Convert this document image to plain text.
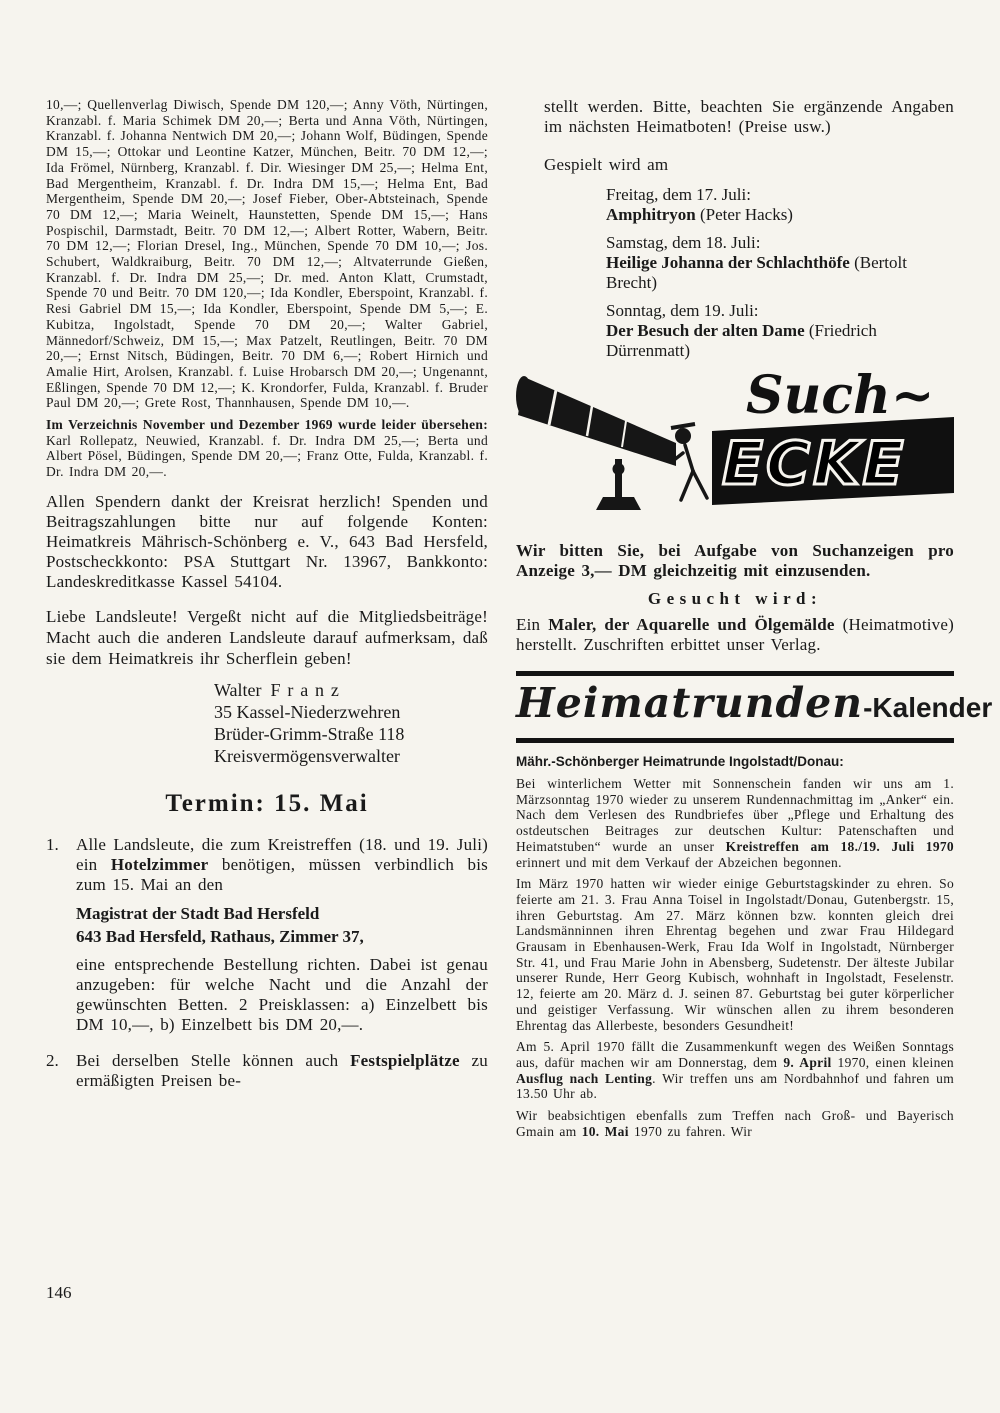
10,—; Quellenverlag Diwisch, Spende DM 120,—; Anny Vöth, Nürtingen, Kranzabl. f. Maria Schimek DM 20,—; Berta und Anna Vöth, Nürtingen, Kranzabl. f. Johanna Nentwich DM 20,—; Johann Wolf, Büdingen, Spende DM 15,—; Ottokar und Leontine Katzer, München, Beitr. 70 DM 12,—; Ida Frömel, Nürnberg, Kranzabl. f. Dir. Wiesinger DM 25,—; Helma Ent, Bad Mergentheim, Kranzabl. f. Dr. Indra DM 15,—; Helma Ent, Bad Mergentheim, Spende DM 20,—; Josef Fieber, Ober-Abtsteinach, Spende 70 DM 12,—; Maria Weinelt, Haunstetten, Spende DM 15,—; Hans Pospischil, Darmstadt, Beitr. 70 DM 12,—; Albert Rotter, Wabern, Beitr. 70 DM 12,—; Florian Dresel, Ing., München, Spende 70 DM 10,—; Jos. Schubert, Waldkraiburg, Beitr. 70 DM 12,—; Altvaterrunde Gießen, Kranzabl. f. Dr. Indra DM 25,—; Dr. med. Anton Klatt, Crumstadt, Spende 70 und Beitr. 70 DM 120,—; Ida Kondler, Eberspoint, Kranzabl. f. Resi Gabriel DM 15,—; Ida Kondler, Eberspoint, Spende DM 5,—; E. Kubitza, Ingolstadt, Spende 70 DM 20,—; Walter Gabriel, Männedorf/Schweiz, DM 15,—; Max Patzelt, Reutlingen, Beitr. 70 DM 20,—; Ernst Nitsch, Büdingen, Beitr. 70 DM 6,—; Robert Hirnich und Amalie Hirt, Arolsen, Kranzabl. f. Luise Hrobarsch DM 20,—; Ungenannt, Eßlingen, Spende 70 DM 12,—; K. Krondorfer, Fulda, Kranzabl. f. Bruder Paul DM 20,—; Grete Rost, Thannhausen, Spende DM 10,—.

Im Verzeichnis November und Dezember 1969 wurde leider übersehen: Karl Rollepatz, Neuwied, Kranzabl. f. Dr. Indra DM 25,—; Berta und Albert Pösel, Büdingen, Spende DM 20,—; Franz Otte, Fulda, Kranzabl. f. Dr. Indra DM 20,—.

Allen Spendern dankt der Kreisrat herzlich! Spenden und Beitragszahlungen bitte nur auf folgende Konten: Heimatkreis Mährisch-Schönberg e. V., 643 Bad Hersfeld, Postscheckkonto: PSA Stuttgart Nr. 13967, Bankkonto: Landeskreditkasse Kassel 54104.

Liebe Landsleute! Vergeßt nicht auf die Mitgliedsbeiträge! Macht auch die anderen Landsleute darauf aufmerksam, daß sie dem Heimatkreis ihr Scherflein geben!

Walter Franz
35 Kassel-Niederzwehren
Brüder-Grimm-Straße 118
Kreisvermögensverwalter
Termin: 15. Mai
1.	Alle Landsleute, die zum Kreistreffen (18. und 19. Juli) ein Hotelzimmer benötigen, müssen verbindlich bis zum 15. Mai an den

Magistrat der Stadt Bad Hersfeld

643 Bad Hersfeld, Rathaus, Zimmer 37,

eine entsprechende Bestellung richten. Dabei ist genau anzugeben: für welche Nacht und die Anzahl der gewünschten Betten. 2 Preisklassen: a) Einzelbett bis DM 10,—, b) Einzelbett bis DM 20,—.

2.	Bei derselben Stelle können auch Festspielplätze zu ermäßigten Preisen be-

stellt werden. Bitte, beachten Sie ergänzende Angaben im nächsten Heimatboten! (Preise usw.)

Gespielt wird am

Freitag, dem 17. Juli:
Amphitryon (Peter Hacks)
Samstag, dem 18. Juli:
Heilige Johanna der Schlachthöfe (Bertolt Brecht)
Sonntag, dem 19. Juli:
Der Besuch der alten Dame (Friedrich Dürrenmatt)
Such~
ECKE

Wir bitten Sie, bei Aufgabe von Suchanzeigen pro Anzeige 3,— DM gleichzeitig mit einzusenden.

Gesucht wird:

Ein Maler, der Aquarelle und Ölgemälde (Heimatmotive) herstellt. Zuschriften erbittet unser Verlag.

Heimatrunden-Kalender

Mähr.-Schönberger Heimatrunde Ingolstadt/Donau:

Bei winterlichem Wetter mit Sonnenschein fanden wir uns am 1. Märzsonntag 1970 wieder zu unserem Rundennachmittag im „Anker“ ein. Nach dem Verlesen des Rundbriefes über „Pflege und Erhaltung des ostdeutschen Beitrages zur deutschen Kultur: Patenschaften und Heimatstuben“ wurde an unser Kreistreffen am 18./19. Juli 1970 erinnert und mit dem Verkauf der Abzeichen begonnen.

Im März 1970 hatten wir wieder einige Geburtstagskinder zu ehren. So feierte am 21. 3. Frau Anna Toisel in Ingolstadt/Donau, Gutenbergstr. 15, ihren Geburtstag. Am 27. März können bzw. konnten gleich drei Landsmänninnen ihren Ehrentag begehen und zwar Frau Hildegard Grausam in Ebenhausen-Werk, Frau Ida Wolf in Ingolstadt, Nürnberger Str. 41, und Frau Marie John in Abensberg, Sudetenstr. Der älteste Jubilar unserer Runde, Herr Georg Kubisch, wohnhaft in Ingolstadt, Feselenstr. 12, feierte am 20. März d. J. seinen 87. Geburtstag bei guter körperlicher und geistiger Verfassung. Wir wünschen allen zu ihrem besonderen Ehrentag das Allerbeste, besonders Gesundheit!

Am 5. April 1970 fällt die Zusammenkunft wegen des Weißen Sonntags aus, dafür machen wir am Donnerstag, dem 9. April 1970, einen kleinen Ausflug nach Lenting. Wir treffen uns am Nordbahnhof und fahren um 13.50 Uhr ab.

Wir beabsichtigen ebenfalls zum Treffen nach Groß- und Bayerisch Gmain am 10. Mai 1970 zu fahren. Wir

146
